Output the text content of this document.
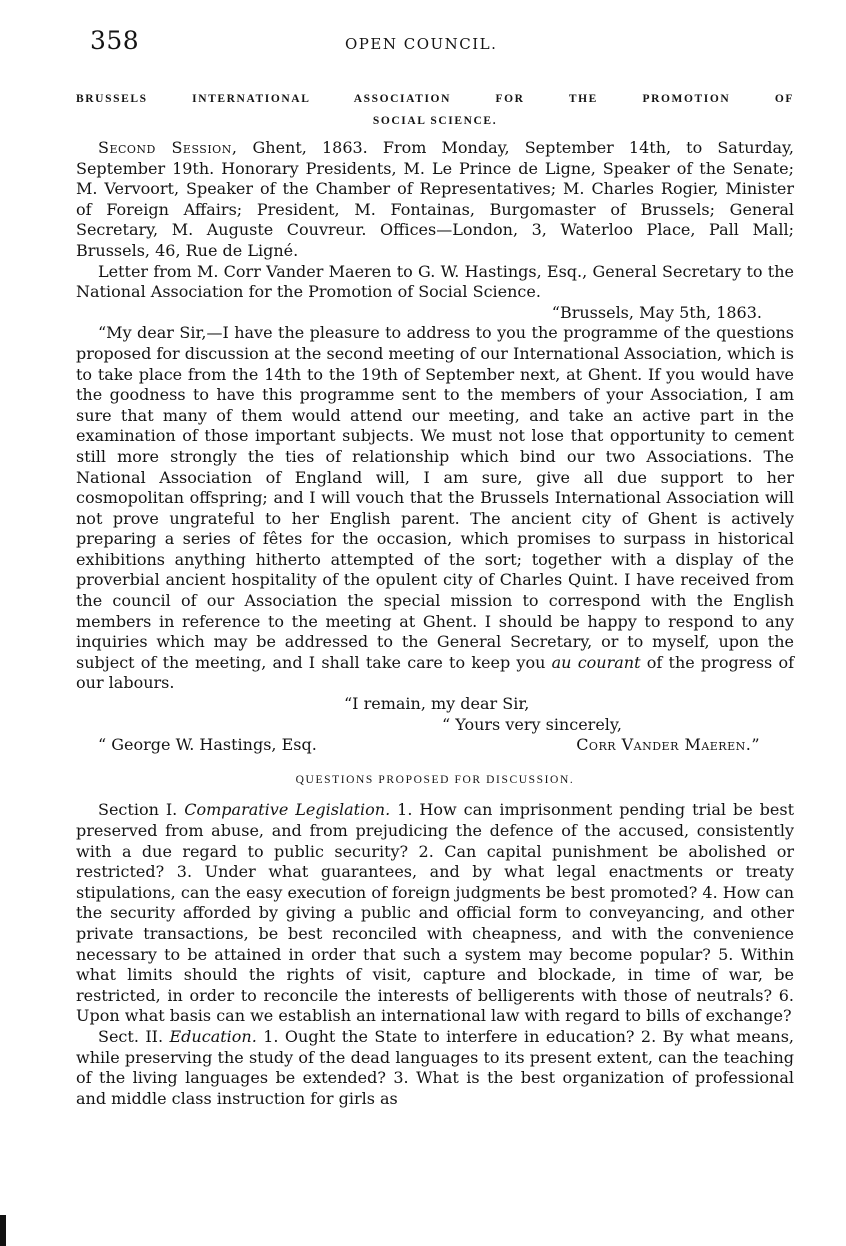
358	OPEN COUNCIL.
BRUSSELS INTERNATIONAL ASSOCIATION FOR THE PROMOTION OF
SOCIAL SCIENCE.

Second Session, Ghent, 1863. From Monday, September 14th, to Saturday, September 19th. Honorary Presidents, M. Le Prince de Ligne, Speaker of the Senate; M. Vervoort, Speaker of the Chamber of Representatives; M. Charles Rogier, Minister of Foreign Affairs; President, M. Fontainas, Burgomaster of Brussels; General Secretary, M. Auguste Couvreur. Offices—London, 3, Waterloo Place, Pall Mall; Brussels, 46, Rue de Ligné.

Letter from M. Corr Vander Maeren to G. W. Hastings, Esq., General Secretary to the National Association for the Promotion of Social Science.

“Brussels, May 5th, 1863.

“My dear Sir,—I have the pleasure to address to you the programme of the questions proposed for discussion at the second meeting of our International Association, which is to take place from the 14th to the 19th of September next, at Ghent. If you would have the goodness to have this programme sent to the members of your Association, I am sure that many of them would attend our meeting, and take an active part in the examination of those important subjects. We must not lose that opportunity to cement still more strongly the ties of relationship which bind our two Associations. The National Association of England will, I am sure, give all due support to her cosmopolitan offspring; and I will vouch that the Brussels International Association will not prove ungrateful to her English parent. The ancient city of Ghent is actively preparing a series of fêtes for the occasion, which promises to surpass in historical exhibitions anything hitherto attempted of the sort; together with a display of the proverbial ancient hospitality of the opulent city of Charles Quint. I have received from the council of our Association the special mission to correspond with the English members in reference to the meeting at Ghent. I should be happy to respond to any inquiries which may be addressed to the General Secretary, or to myself, upon the subject of the meeting, and I shall take care to keep you au courant of the progress of our labours.

“I remain, my dear Sir,

“ Yours very sincerely,

“ George W. Hastings, Esq.	Corr Vander Maeren.”

QUESTIONS PROPOSED FOR DISCUSSION.

Section I. Comparative Legislation. 1. How can imprisonment pending trial be best preserved from abuse, and from prejudicing the defence of the accused, consistently with a due regard to public security? 2. Can capital punishment be abolished or restricted? 3. Under what guarantees, and by what legal enactments or treaty stipulations, can the easy execution of foreign judgments be best promoted? 4. How can the security afforded by giving a public and official form to conveyancing, and other private transactions, be best reconciled with cheapness, and with the convenience necessary to be attained in order that such a system may become popular? 5. Within what limits should the rights of visit, capture and blockade, in time of war, be restricted, in order to reconcile the interests of belligerents with those of neutrals? 6. Upon what basis can we establish an international law with regard to bills of exchange?

Sect. II. Education. 1. Ought the State to interfere in education? 2. By what means, while preserving the study of the dead languages to its present extent, can the teaching of the living languages be extended? 3. What is the best organization of professional and middle class instruction for girls as
